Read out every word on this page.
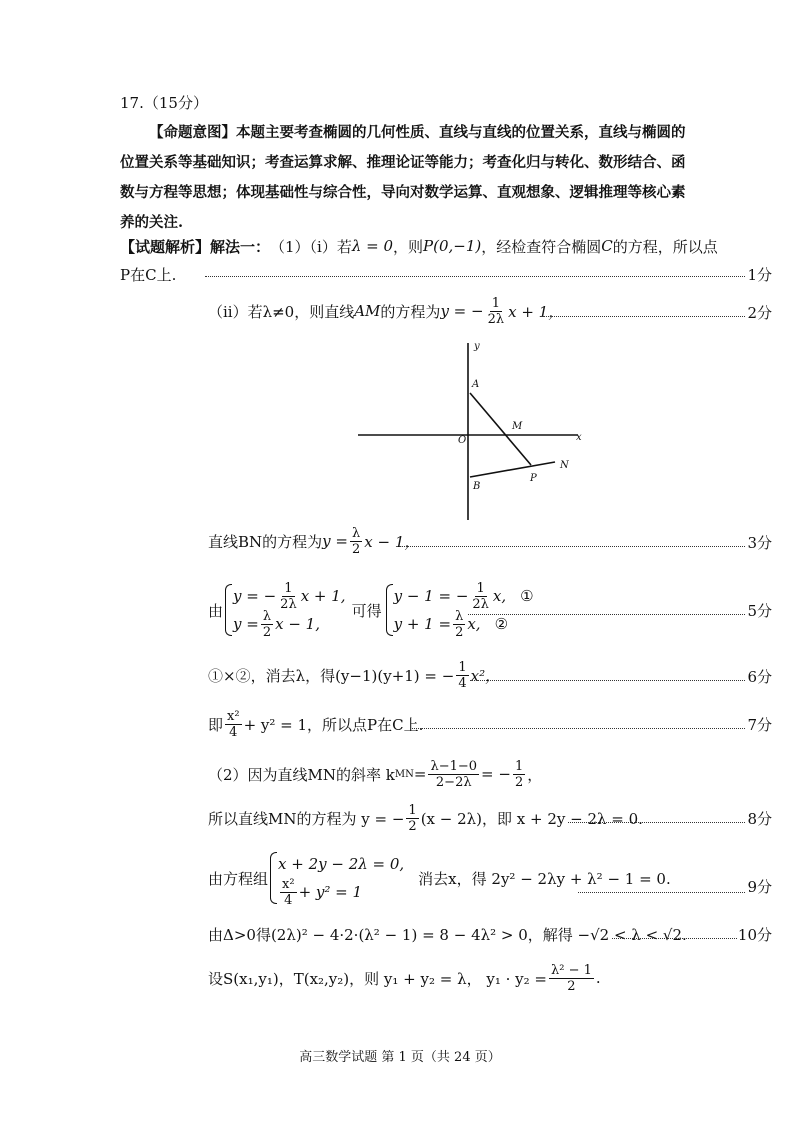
17.（15分）
【命题意图】本题主要考查椭圆的几何性质、直线与直线的位置关系，直线与椭圆的位置关系等基础知识；考查运算求解、推理论证等能力；考查化归与转化、数形结合、函数与方程等思想；体现基础性与综合性，导向对数学运算、直观想象、逻辑推理等核心素养的关注.
【试题解析】解法一： （1）（i）若 λ = 0 ，则 P(0,−1) ，经检查符合椭圆 C 的方程，所以点
P在C上.	1分
（ii）若λ≠0，则直线 AM 的方程为 y = − $\frac{1}{2\lambda}$ x + 1，	2分
y
x
O
A
B
M
N
P
直线BN的方程为 $y = \frac{\lambda}{2}$ x − 1，	3分
由
y = − $\frac{1}{2\lambda}$ x + 1,
$y = \frac{\lambda}{2}$ x − 1,
可得
y − 1 = − $\frac{1}{2\lambda} x$, ①
$y + 1 = \frac{\lambda}{2} x$, ②
5分
①×②，消去λ，得(y−1)(y+1) = − $\frac{1}{4} x^2$，	6分
即 $\frac{\text{x²}}{4} + y^2 = 1$，所以点P在C上.	7分
（2）因为直线MN的斜率 k MN = $\frac{\lambda-1-0}{2-2\lambda}$ = − $\frac{1}{2}$ ，
所以直线MN的方程为 y = − $\frac{1}{2} (x - 2\lambda)$，即 x + 2y − 2λ = 0.	8分
由方程组
x + 2y − 2λ = 0,
$\frac{\text{x²}}{4} + y^2 = 1$
消去x，得 2y² − 2λy + λ² − 1 = 0.	9分
由Δ>0得(2λ)² − 4·2·(λ² − 1) = 8 − 4λ² > 0，解得 −√2 < λ < √2.	10分
设S(x₁,y₁)，T(x₂,y₂)，则 y₁ + y₂ = λ， $y_1 \cdot y_2 = \frac{\text{λ² − 1}}{2}$ .
高三数学试题 第 1 页（共 24 页）
